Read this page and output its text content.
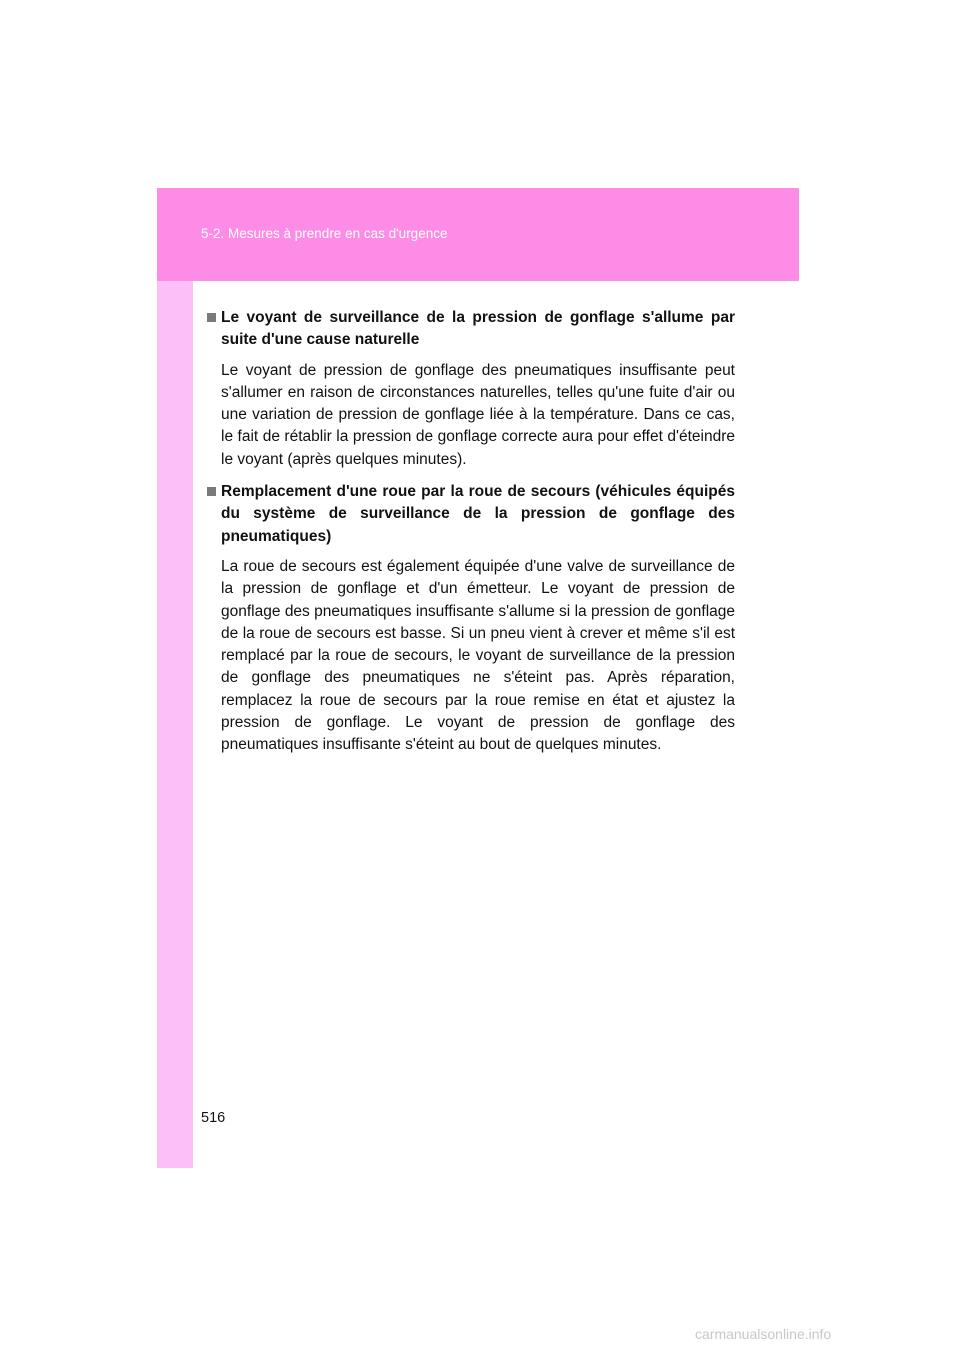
5-2. Mesures à prendre en cas d'urgence

Le voyant de surveillance de la pression de gonflage s'allume par suite d'une cause naturelle

Le voyant de pression de gonflage des pneumatiques insuffisante peut s'allumer en raison de circonstances naturelles, telles qu'une fuite d'air ou une variation de pression de gonflage liée à la température. Dans ce cas, le fait de rétablir la pression de gonflage correcte aura pour effet d'éteindre le voyant (après quelques minutes).

Remplacement d'une roue par la roue de secours (véhicules équipés du système de surveillance de la pression de gonflage des pneumatiques)

La roue de secours est également équipée d'une valve de surveillance de la pression de gonflage et d'un émetteur. Le voyant de pression de gonflage des pneumatiques insuffisante s'allume si la pression de gonflage de la roue de secours est basse. Si un pneu vient à crever et même s'il est remplacé par la roue de secours, le voyant de surveillance de la pression de gonflage des pneumatiques ne s'éteint pas. Après réparation, remplacez la roue de secours par la roue remise en état et ajustez la pression de gonflage. Le voyant de pression de gonflage des pneumatiques insuffisante s'éteint au bout de quelques minutes.

516
carmanualsonline.info
